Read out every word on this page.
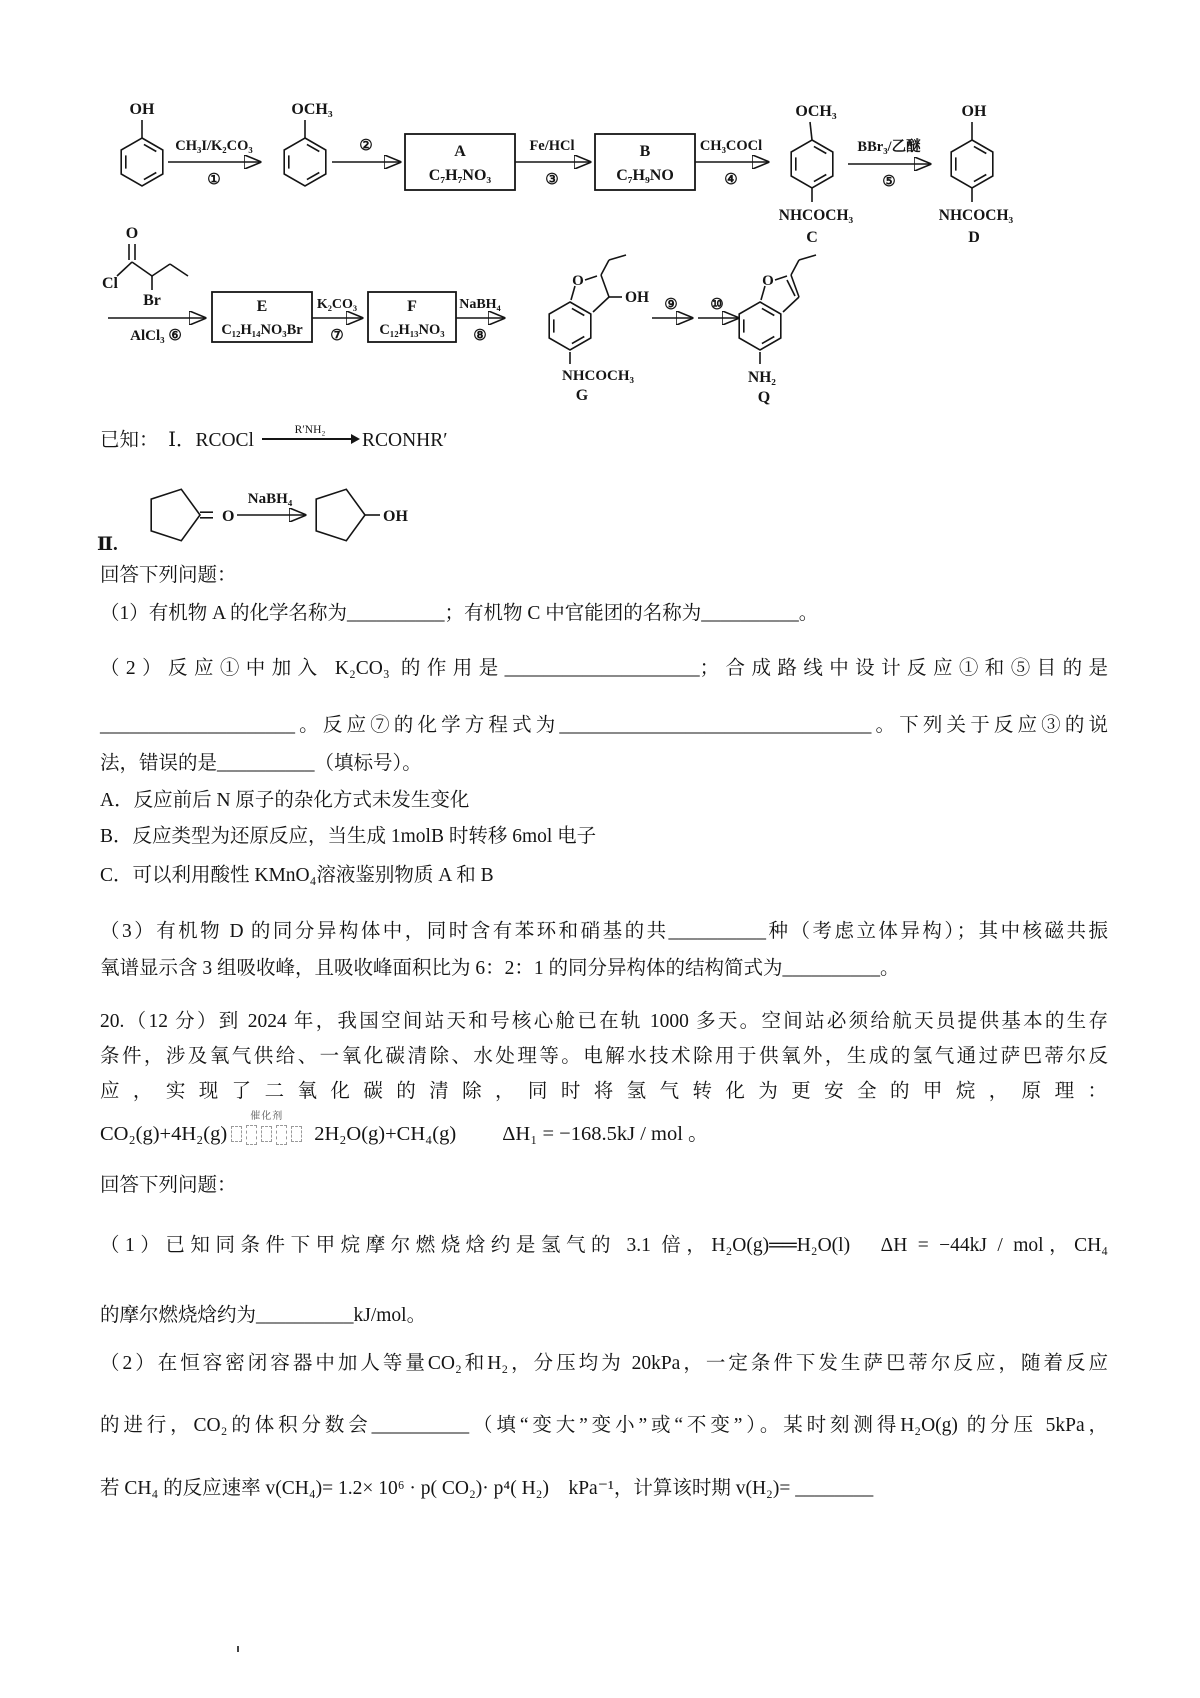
OH
CH₃I/K₂CO₃
①
OCH₃
②	A
C₇H₇NO₃
Fe/HCl
③
B
C₇H₉NO
CH₃COCl
④
OCH₃
NHCOCH₃
C
BBr₃/乙醚
⑤
OH
NHCOCH₃
D
O
Cl
Br
AlCl₃ ⑥
E
C₁₂H₁₄NO₃Br
K₂CO₃
⑦
F
C₁₂H₁₃NO₃
NaBH₄
⑧
O
OH
NHCOCH₃
G
⑨ ⑩
O
NH₂
Q
已知：　Ⅰ．RCOCl	R′NH₂ RCONHR′
Ⅱ.
O
NaBH₄
OH
回答下列问题：
（1）有机物 A 的化学名称为__________；有机物 C 中官能团的名称为__________。
（2）反应①中加入 K₂CO₃ 的作用是____________________；合成路线中设计反应①和⑤目的是
____________________。反应⑦的化学方程式为________________________________。下列关于反应③的说
法，错误的是__________（填标号）。
A．反应前后 N 原子的杂化方式未发生变化
B．反应类型为还原反应，当生成 1molB 时转移 6mol 电子
C．可以利用酸性 KMnO₄溶液鉴别物质 A 和 B
（3）有机物 D 的同分异构体中，同时含有苯环和硝基的共__________种（考虑立体异构）；其中核磁共振
氧谱显示含 3 组吸收峰，且吸收峰面积比为 6：2：1 的同分异构体的结构简式为__________。
20.（12 分）到 2024 年，我国空间站天和号核心舱已在轨 1000 多天。空间站必须给航天员提供基本的生存
条件，涉及氧气供给、一氧化碳清除、水处理等。电解水技术除用于供氧外，生成的氢气通过萨巴蒂尔反
应，实现了二氧化碳的清除，同时将氢气转化为更安全的甲烷，原理：
CO₂(g)+4H₂(g)
催化剂
2H₂O(g)+CH₄(g) ΔH₁ = −168.5kJ / mol 。
回答下列问题：
（1）已知同条件下甲烷摩尔燃烧焓约是氢气的 3.1 倍，H₂O(g)══H₂O(l)　ΔH = −44kJ / mol，CH₄
的摩尔燃烧焓约为__________kJ/mol。
（2）在恒容密闭容器中加人等量CO₂和H₂，分压均为 20kPa，一定条件下发生萨巴蒂尔反应，随着反应
的进行，CO₂的体积分数会__________（填“变大”变小”或“不变”）。某时刻测得H₂O(g) 的分压 5kPa，
若 CH₄ 的反应速率 v(CH₄)= 1.2× 10⁶ · p( CO₂)· p⁴( H₂)　kPa⁻¹，计算该时期 v(H₂)= ________
